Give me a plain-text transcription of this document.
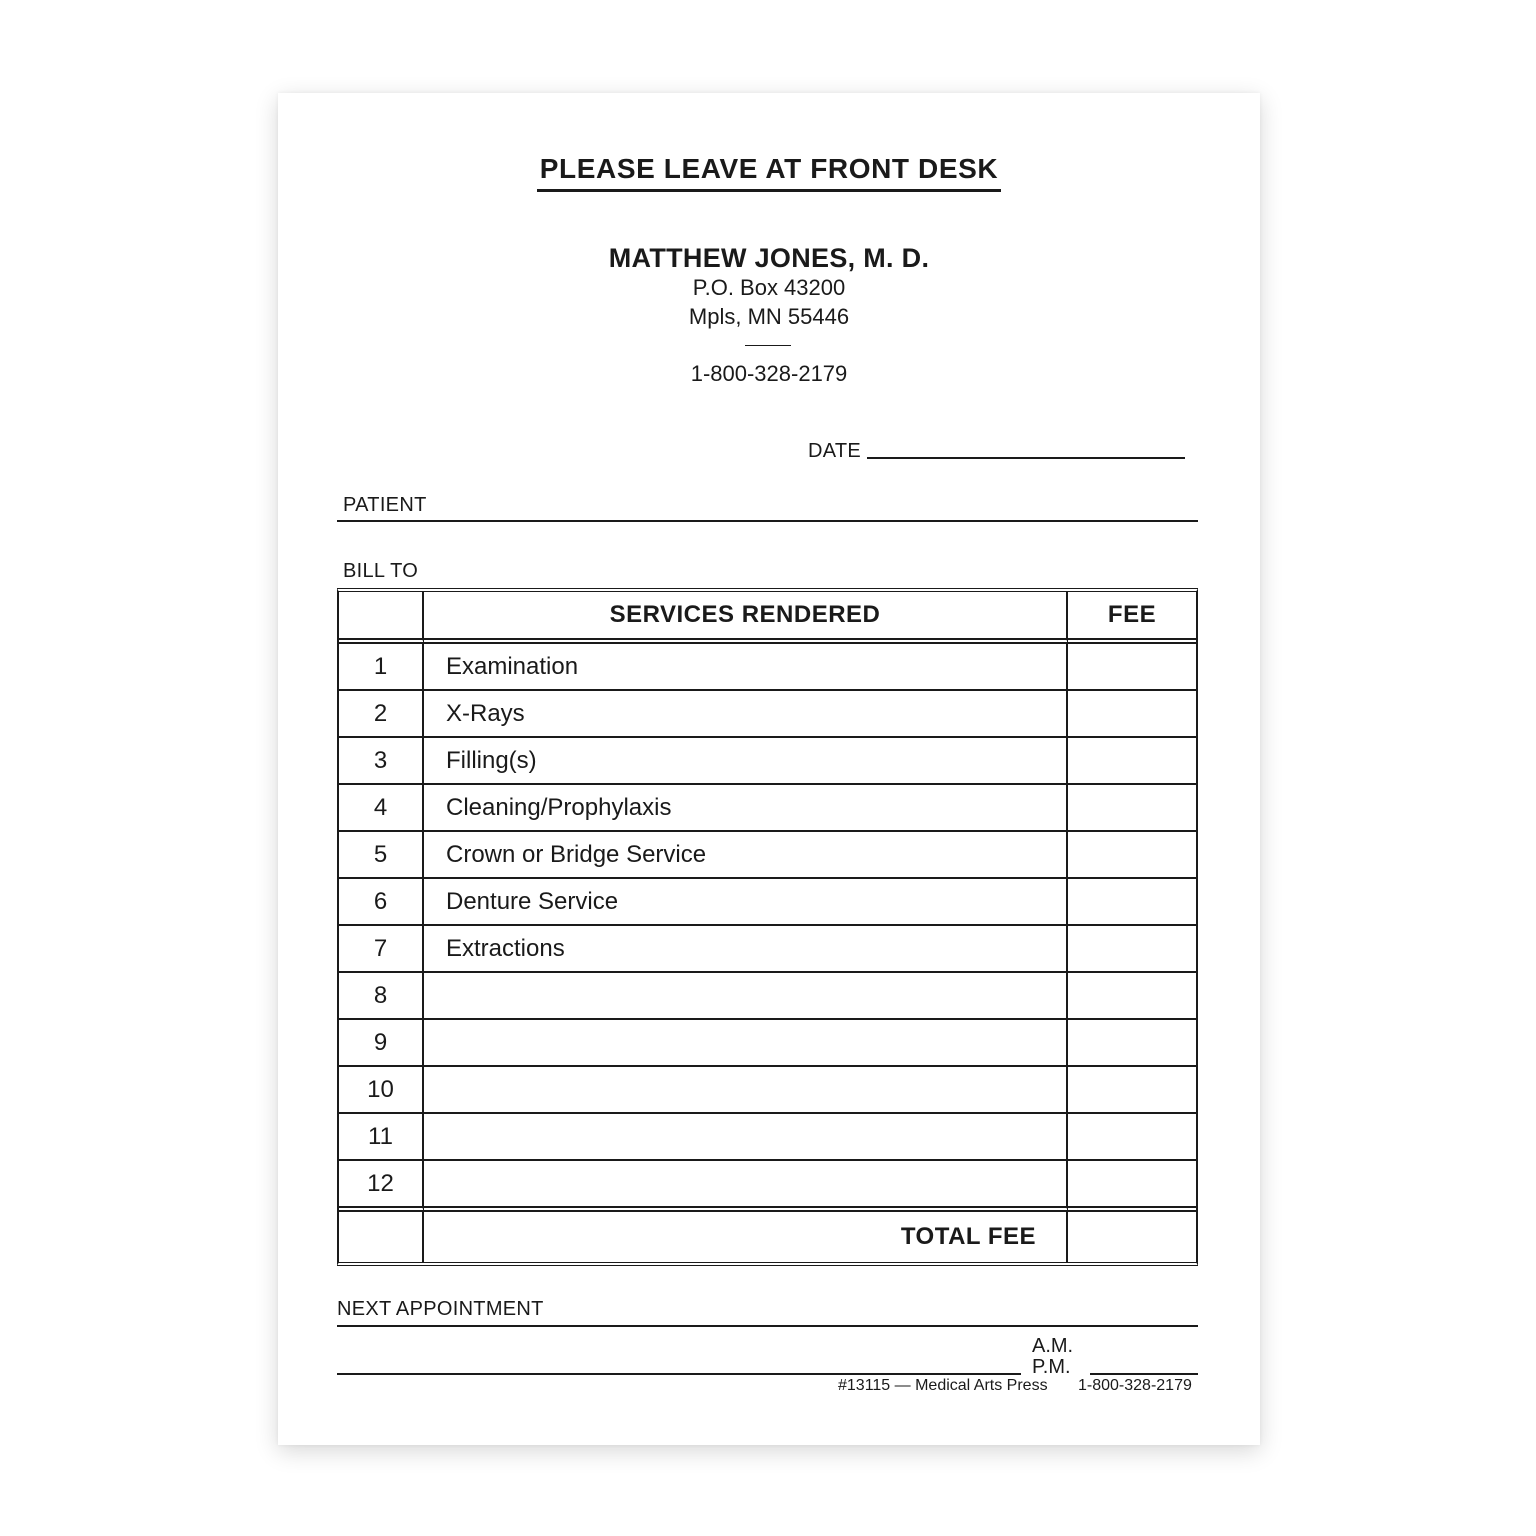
PLEASE LEAVE AT FRONT DESK
MATTHEW JONES, M. D.
P.O. Box 43200
Mpls, MN 55446
1-800-328-2179
DATE
PATIENT
BILL TO
	SERVICES RENDERED	FEE
1	Examination	
2	X-Rays	
3	Filling(s)	
4	Cleaning/Prophylaxis	
5	Crown or Bridge Service	
6	Denture Service	
7	Extractions	
8		
9		
10		
11		
12		
	TOTAL FEE	
NEXT APPOINTMENT
A.M.
P.M.
#13115 — Medical Arts Press 1-800-328-2179
